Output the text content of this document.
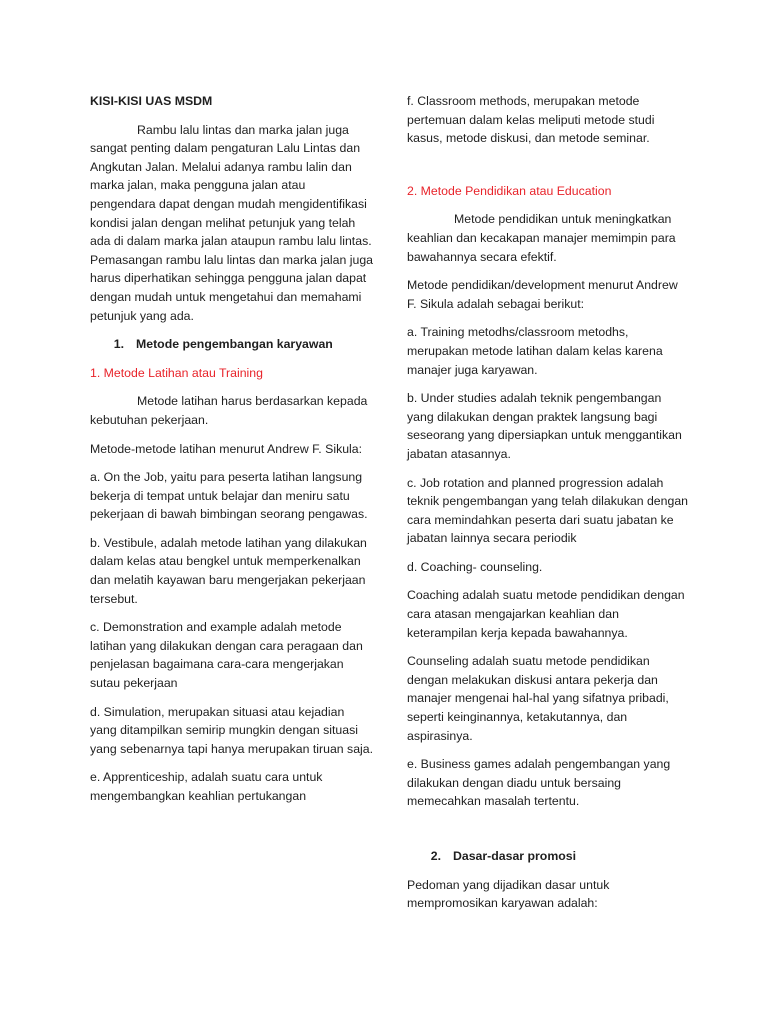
KISI-KISI UAS MSDM

Rambu lalu lintas dan marka jalan juga sangat penting dalam pengaturan Lalu Lintas dan Angkutan Jalan. Melalui adanya rambu lalin dan marka jalan, maka pengguna jalan atau pengendara dapat dengan mudah mengidentifikasi kondisi jalan dengan melihat petunjuk yang telah ada di dalam marka jalan ataupun rambu lalu lintas. Pemasangan rambu lalu lintas dan marka jalan juga harus diperhatikan sehingga pengguna jalan dapat dengan mudah untuk mengetahui dan memahami petunjuk yang ada.

1. Metode pengembangan karyawan

1. Metode Latihan atau Training

Metode latihan harus berdasarkan kepada kebutuhan pekerjaan.

Metode-metode latihan menurut Andrew F. Sikula:

a. On the Job, yaitu para peserta latihan langsung bekerja di tempat untuk belajar dan meniru satu pekerjaan di bawah bimbingan seorang pengawas.

b. Vestibule, adalah metode latihan yang dilakukan dalam kelas atau bengkel untuk memperkenalkan dan melatih kayawan baru mengerjakan pekerjaan tersebut.

c. Demonstration and example adalah metode latihan yang dilakukan dengan cara peragaan dan penjelasan bagaimana cara-cara mengerjakan sutau pekerjaan

d. Simulation, merupakan situasi atau kejadian yang ditampilkan semirip mungkin dengan situasi yang sebenarnya tapi hanya merupakan tiruan saja.

e. Apprenticeship, adalah suatu cara untuk mengembangkan keahlian pertukangan

f. Classroom methods, merupakan metode pertemuan dalam kelas meliputi metode studi kasus, metode diskusi, dan metode seminar.

2. Metode Pendidikan atau Education

Metode pendidikan untuk meningkatkan keahlian dan kecakapan manajer memimpin para bawahannya secara efektif.

Metode pendidikan/development menurut Andrew F. Sikula adalah sebagai berikut:

a. Training metodhs/classroom metodhs, merupakan metode latihan dalam kelas karena manajer juga karyawan.

b. Under studies adalah teknik pengembangan yang dilakukan dengan praktek langsung bagi seseorang yang dipersiapkan untuk menggantikan jabatan atasannya.

c. Job rotation and planned progression adalah teknik pengembangan yang telah dilakukan dengan cara memindahkan peserta dari suatu jabatan ke jabatan lainnya secara periodik

d. Coaching- counseling.

Coaching adalah suatu metode pendidikan dengan cara atasan mengajarkan keahlian dan keterampilan kerja kepada bawahannya.

Counseling adalah suatu metode pendidikan dengan melakukan diskusi antara pekerja dan manajer mengenai hal-hal yang sifatnya pribadi, seperti keinginannya, ketakutannya, dan aspirasinya.

e. Business games adalah pengembangan yang dilakukan dengan diadu untuk bersaing memecahkan masalah tertentu.

2. Dasar-dasar promosi

Pedoman yang dijadikan dasar untuk mempromosikan karyawan adalah:
